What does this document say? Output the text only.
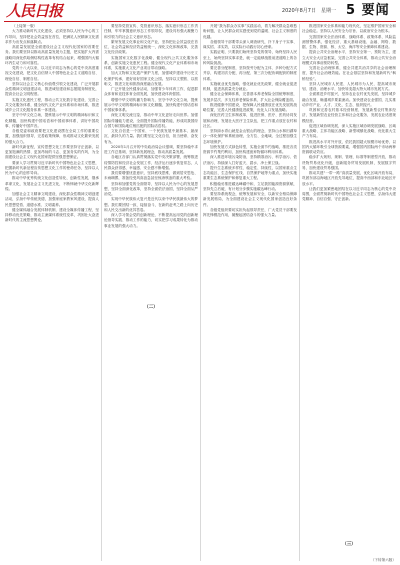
人民日报	2020年8月7日　星期一 5 要闻

（上接第一版）

大力推动新时代文化建设，必须坚持以人民为中心的工作导向，坚持把社会效益放在首位，把满足人民精神文化需求作为出发点和落脚点。

高质量发展是全面建设社会主义现代化国家的首要任务。我们要坚持以推动高质量发展为主题，把实施扩大内需战略同深化供给侧结构性改革有机结合起来，增强国内大循环内生动力和可靠性。

党的十八大以来，以习近平同志为核心的党中央高度重视文化建设，把文化自信纳入中国特色社会主义道路自信、理论自信、制度自信。

坚持以社会主义核心价值观引领文化建设，广泛开展群众性精神文明创建活动，推进诚信建设和志愿服务制度化，提高全社会文明程度。

实施文化惠民工程，推动公共文化数字化建设，完善公共文化服务体系，健全现代文化产业体系和市场体系，推进城乡公共文化服务体系一体建设。

坚守中华文化立场，提炼展示中华文明的精神标识和文化精髓，加快构建中国话语和中国叙事体系，讲好中国故事、传播好中国声音。

各级党委和政府要把文化建设摆在全局工作的重要位置，加强组织领导，完善政策保障，形成推动文化繁荣发展的强大合力。

新时代新征程，宣传思想文化工作要坚持守正创新，以更加饱满的热情、更加昂扬的斗志、更加务实的作风，为全面建设社会主义现代化国家提供坚强思想保证。

要深入学习贯彻习近平新时代中国特色社会主义思想，把握新时代新征程宣传思想文化工作的使命任务，坚持以人民为中心的创作导向。

推动中华优秀传统文化创造性转化、创新性发展，继承革命文化，发展社会主义先进文化，不断铸就中华文化新辉煌。

加强社会主义精神文明建设，深化群众性精神文明创建活动，弘扬中华传统美德，加强家庭家教家风建设，提高人民思想觉悟、道德水准、文明素养。

健全媒体融合发展体制机制，建设全媒体传播工程，坚持移动优先策略，推动主流媒体系统性变革，巩固壮大奋进新时代的主流思想舆论。

要坚持党管宣传、党管意识形态，落实意识形态工作责任制，牢牢掌握意识形态工作领导权，建设具有强大凝聚力和引领力的社会主义意识形态。

繁荣发展文化事业和文化产业，坚持把社会效益放在首位、社会效益和经济效益相统一，深化文化体制改革，完善文化经济政策。

实施国家文化数字化战略，健全现代公共文化服务体系，创新实施文化惠民工程。健全现代文化产业体系和市场体系，实施重大文化产业项目带动战略。

加大文物和文化遗产保护力度，加强城乡建设中历史文化保护传承，建好用好国家文化公园。坚持以文塑旅、以旅彰文，推进文化和旅游深度融合发展。

广泛开展全民健身活动，加强青少年体育工作，促进群众体育和竞技体育全面发展，加快建设体育强国。

增强中华文明传播力影响力，坚守中华文化立场，提炼展示中华文明的精神标识和文化精髓，加快构建中国话语和中国叙事体系。

深化文明交流互鉴，推动中华文化更好走向世界。加强国际传播能力建设，全面提升国际传播效能，形成同我国综合国力和国际地位相匹配的国际话语权。

文化自信是一个国家、一个民族发展中最基本、最深沉、最持久的力量。我们要坚定文化自信，担当使命、奋发有为。

2020年1月召开的中央政治局会议强调，要坚持稳中求进工作总基调，坚持新发展理念，推动高质量发展。

各地区各部门认真贯彻落实党中央决策部署，统筹推进疫情防控和经济社会发展工作，经济运行逐步恢复常态，人民群众获得感、幸福感、安全感不断增强。

我们要增强忧患意识，坚持底线思维，做到居安思危、未雨绸缪，准备经受风高浪急甚至惊涛骇浪的重大考验。

坚持和加强党的全面领导，坚持以人民为中心的发展思想，坚持全面深化改革，坚持全面依法治国，坚持全面从严治党。

实现中华民族伟大复兴是近代以来中华民族最伟大的梦想。我们要团结一致、接续奋斗，在新的赶考之路上向历史和人民交出新的优异答卷。

深入学习领会党的创新理论，不断提高运用党的创新理论指导实践、推动工作的能力，切实把学习成果转化为推动事业发展的强大动力。

开展“我为群众办实事”实践活动，着力解决群众急难愁盼问题，让人民群众切实感受到党的温暖、社会主义制度的优越。

各级领导干部要带头深入调查研究，扑下身子干实事、谋实招、求实效，以实际行动践行初心使命。

实践证明，只要我们始终坚持党的领导，始终坚持人民至上，始终坚持实事求是，就一定能够战胜前进道路上的各种风险挑战。

要完善分配制度，坚持按劳分配为主体、多种分配方式并存，构建初次分配、再分配、第三次分配协调配套的制度体系。

实施就业优先战略，强化就业优先政策，健全就业促进机制，促进高质量充分就业。

健全社会保障体系，完善基本养老保险全国统筹制度，发展多层次、多支柱养老保险体系，扩大社会保险覆盖面。

推进健康中国建设，把保障人民健康放在优先发展的战略位置，完善人民健康促进政策，优化人口发展战略。

深化医药卫生体制改革，促进医保、医疗、医药协同发展和治理，发展壮大医疗卫生队伍，把工作重点放在农村和社区。

坚持绿水青山就是金山银山的理念，坚持山水林田湖草沙一体化保护和系统治理，全方位、全地域、全过程加强生态环境保护。

加快发展方式绿色转型，实施全面节约战略，推进各类资源节约集约利用，加快构建废弃物循环利用体系。

深入推进环境污染防治，坚持精准治污、科学治污、依法治污，持续深入打好蓝天、碧水、净土保卫战。

提升生态系统多样性、稳定性、持续性，以国家重点生态功能区、生态保护红线、自然保护地等为重点，加快实施重要生态系统保护和修复重大工程。

积极稳妥推进碳达峰碳中和，立足我国能源资源禀赋，坚持先立后破，有计划分步骤实施碳达峰行动。

要坚持系统观念，统筹发展和安全，以新安全格局保障新发展格局，为全面建设社会主义现代化国家创造良好条件。

各级党组织要切实担负起领导责任，广大党员干部要发挥先锋模范作用，凝聚起团结奋斗的强大力量。

推进国家安全体系和能力现代化，坚定维护国家安全和社会稳定。坚持以人民安全为宗旨、以政治安全为根本。

完善国家安全法治体系、战略体系、政策体系、风险监测预警体系，强化经济、重大基础设施、金融、网络、数据、生物、资源、核、太空、海洋等安全保障体系建设。

提高公共安全治理水平，坚持安全第一、预防为主，建立大安全大应急框架，完善公共安全体系，推动公共安全治理模式向事前预防转型。

完善社会治理体系，健全共建共治共享的社会治理制度，提升社会治理效能。在社会基层坚持和发展新时代“枫桥经验”。

坚持人民城市人民建、人民城市为人民，提高城市规划、建设、治理水平，加快转变超大特大城市发展方式。

全面推进乡村振兴，坚持农业农村优先发展，坚持城乡融合发展，畅通城乡要素流动。加快建设农业强国，扎实推动乡村产业、人才、文化、生态、组织振兴。

巩固和完善农村基本经营制度，发展新型农村集体经济，发展新型农业经营主体和社会化服务，发展农业适度规模经营。

促进区域协调发展，深入实施区域协调发展战略、区域重大战略、主体功能区战略、新型城镇化战略，优化重大生产力布局。

推进高水平对外开放，依托我国超大规模市场优势，以国内大循环吸引全球资源要素，增强国内国际两个市场两种资源联动效应。

稳步扩大规则、规制、管理、标准等制度型开放，推动货物贸易优化升级，创新服务贸易发展机制，发展数字贸易，加快建设贸易强国。

推动共建“一带一路”高质量发展，优化区域开放布局，巩固东部沿海地区开放先导地位，提高中西部和东北地区开放水平。

让我们更加紧密地团结在以习近平同志为核心的党中央周围，全面贯彻新时代中国特色社会主义思想，弘扬伟大建党精神，自信自强、守正创新。

（二）
（三）
（下转第六版）
